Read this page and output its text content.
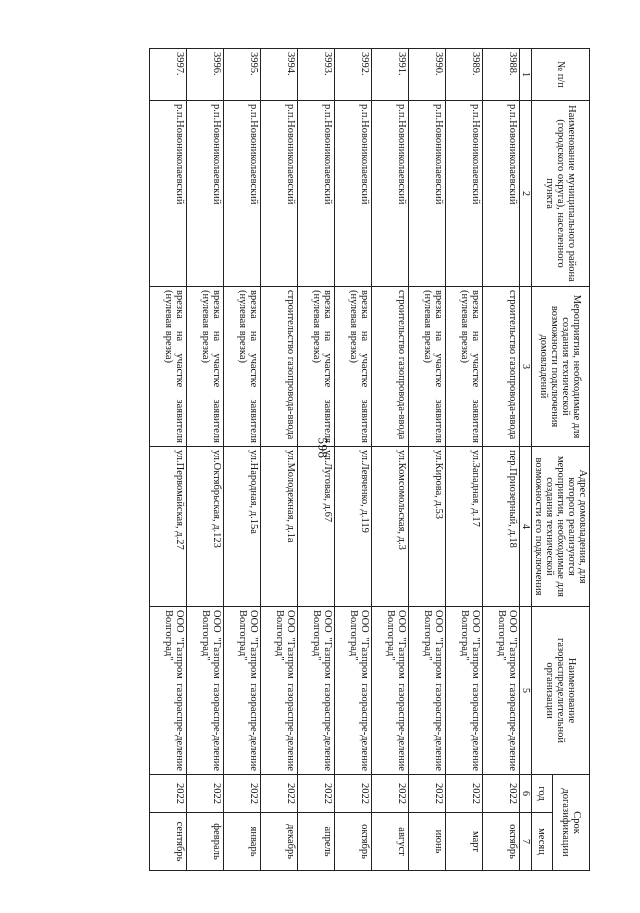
598
№ п/п	Наименование муниципального района (городского округа), населенного пункта	Мероприятия, необходимые для создания технической возможности подключения домовладений	Адрес домовладения, для которого реализуются мероприятия, необходимые для создания технической возможности его подключения	Наименование газораспределительной организации	Срок догазификации	
					год	месяц
1	2	3	4	5	6	7
3988.	р.п.Новониколаевский	строительство газопровода-ввода	пер.Приозерный, д.18	ООО "Газпром газораспре-деление Волгоград"	2022	октябрь
3989.	р.п.Новониколаевский	врезка на участке заявителя (нулевая врезка)	ул.Западная, д.17	ООО "Газпром газораспре-деление Волгоград"	2022	март
3990.	р.п.Новониколаевский	врезка на участке заявителя (нулевая врезка)	ул.Кирова, д.53	ООО "Газпром газораспре-деление Волгоград"	2022	июнь
3991.	р.п.Новониколаевский	строительство газопровода-ввода	ул.Комсомольская, д.3	ООО "Газпром газораспре-деление Волгоград"	2022	август
3992.	р.п.Новониколаевский	врезка на участке заявителя (нулевая врезка)	ул.Левченко, д.119	ООО "Газпром газораспре-деление Волгоград"	2022	октябрь
3993.	р.п.Новониколаевский	врезка на участке заявителя (нулевая врезка)	ул.Луговая, д.67	ООО "Газпром газораспре-деление Волгоград"	2022	апрель
3994.	р.п.Новониколаевский	строительство газопровода-ввода	ул.Молодежная, д.1а	ООО "Газпром газораспре-деление Волгоград"	2022	декабрь
3995.	р.п.Новониколаевский	врезка на участке заявителя (нулевая врезка)	ул.Народная, д.15а	ООО "Газпром газораспре-деление Волгоград"	2022	январь
3996.	р.п.Новониколаевский	врезка на участке заявителя (нулевая врезка)	ул.Октябрьская, д.123	ООО "Газпром газораспре-деление Волгоград"	2022	февраль
3997.	р.п.Новониколаевский	врезка на участке заявителя (нулевая врезка)	ул.Первомайская, д.27	ООО "Газпром газораспре-деление Волгоград"	2022	сентябрь
